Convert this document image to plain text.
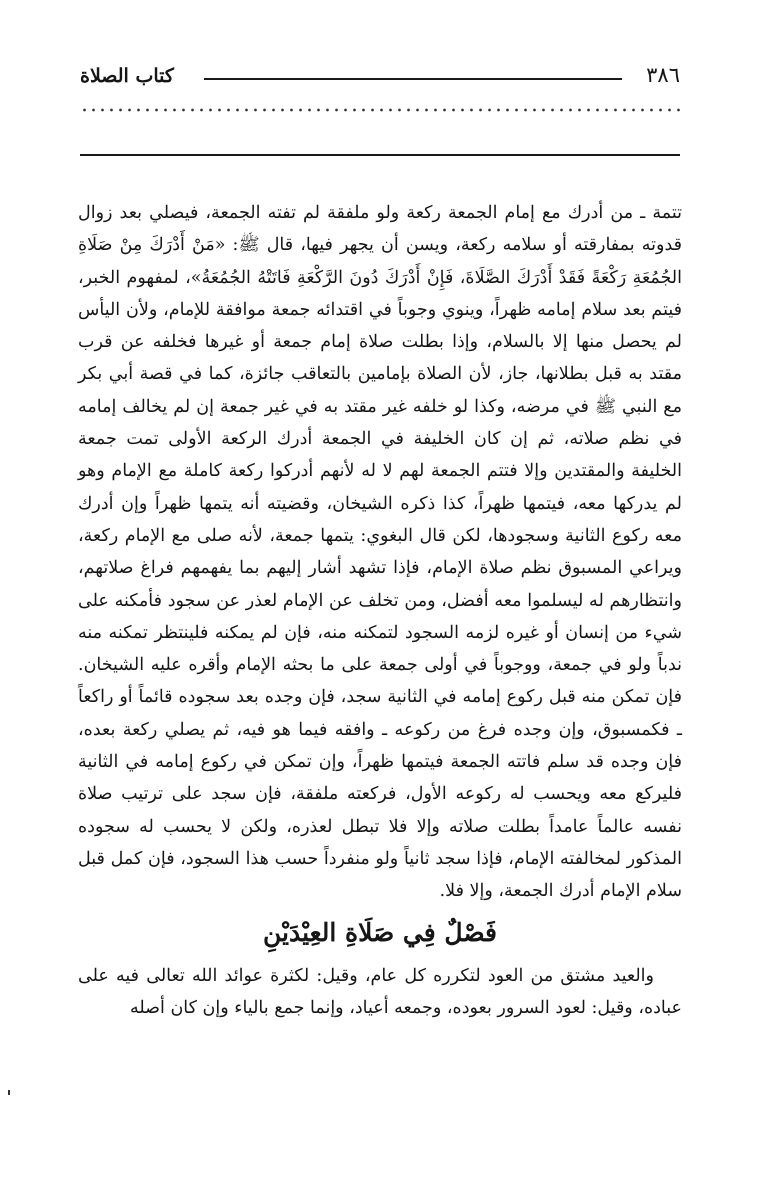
٣٨٦
كتاب الصلاة

تتمة ـ من أدرك مع إمام الجمعة ركعة ولو ملفقة لم تفته الجمعة، فيصلي بعد زوال قدوته بمفارقته أو سلامه ركعة، ويسن أن يجهر فيها، قال ﷺ: «مَنْ أَدْرَكَ مِنْ صَلَاةِ الجُمُعَةِ رَكْعَةً فَقَدْ أَدْرَكَ الصَّلَاةَ، فَإِنْ أَدْرَكَ دُونَ الرَّكْعَةِ فَاتَتْهُ الجُمُعَةُ»، لمفهوم الخبر، فيتم بعد سلام إمامه ظهراً، وينوي وجوباً في اقتدائه جمعة موافقة للإمام، ولأن اليأس لم يحصل منها إلا بالسلام، وإذا بطلت صلاة إمام جمعة أو غيرها فخلفه عن قرب مقتد به قبل بطلانها، جاز، لأن الصلاة بإمامين بالتعاقب جائزة، كما في قصة أبي بكر مع النبي ﷺ في مرضه، وكذا لو خلفه غير مقتد به في غير جمعة إن لم يخالف إمامه في نظم صلاته، ثم إن كان الخليفة في الجمعة أدرك الركعة الأولى تمت جمعة الخليفة والمقتدين وإلا فتتم الجمعة لهم لا له لأنهم أدركوا ركعة كاملة مع الإمام وهو لم يدركها معه، فيتمها ظهراً، كذا ذكره الشيخان، وقضيته أنه يتمها ظهراً وإن أدرك معه ركوع الثانية وسجودها، لكن قال البغوي: يتمها جمعة، لأنه صلى مع الإمام ركعة، ويراعي المسبوق نظم صلاة الإمام، فإذا تشهد أشار إليهم بما يفهمهم فراغ صلاتهم، وانتظارهم له ليسلموا معه أفضل، ومن تخلف عن الإمام لعذر عن سجود فأمكنه على شيء من إنسان أو غيره لزمه السجود لتمكنه منه، فإن لم يمكنه فلينتظر تمكنه منه ندباً ولو في جمعة، ووجوباً في أولى جمعة على ما بحثه الإمام وأقره عليه الشيخان. فإن تمكن منه قبل ركوع إمامه في الثانية سجد، فإن وجده بعد سجوده قائماً أو راكعاً ـ فكمسبوق، وإن وجده فرغ من ركوعه ـ وافقه فيما هو فيه، ثم يصلي ركعة بعده، فإن وجده قد سلم فاتته الجمعة فيتمها ظهراً، وإن تمكن في ركوع إمامه في الثانية فليركع معه ويحسب له ركوعه الأول، فركعته ملفقة، فإن سجد على ترتيب صلاة نفسه عالماً عامداً بطلت صلاته وإلا فلا تبطل لعذره، ولكن لا يحسب له سجوده المذكور لمخالفته الإمام، فإذا سجد ثانياً ولو منفرداً حسب هذا السجود، فإن كمل قبل سلام الإمام أدرك الجمعة، وإلا فلا.

فَصْلٌ فِي صَلَاةِ العِيْدَيْنِ

والعيد مشتق من العود لتكرره كل عام، وقيل: لكثرة عوائد الله تعالى فيه على عباده، وقيل: لعود السرور بعوده، وجمعه أعياد، وإنما جمع بالياء وإن كان أصله
